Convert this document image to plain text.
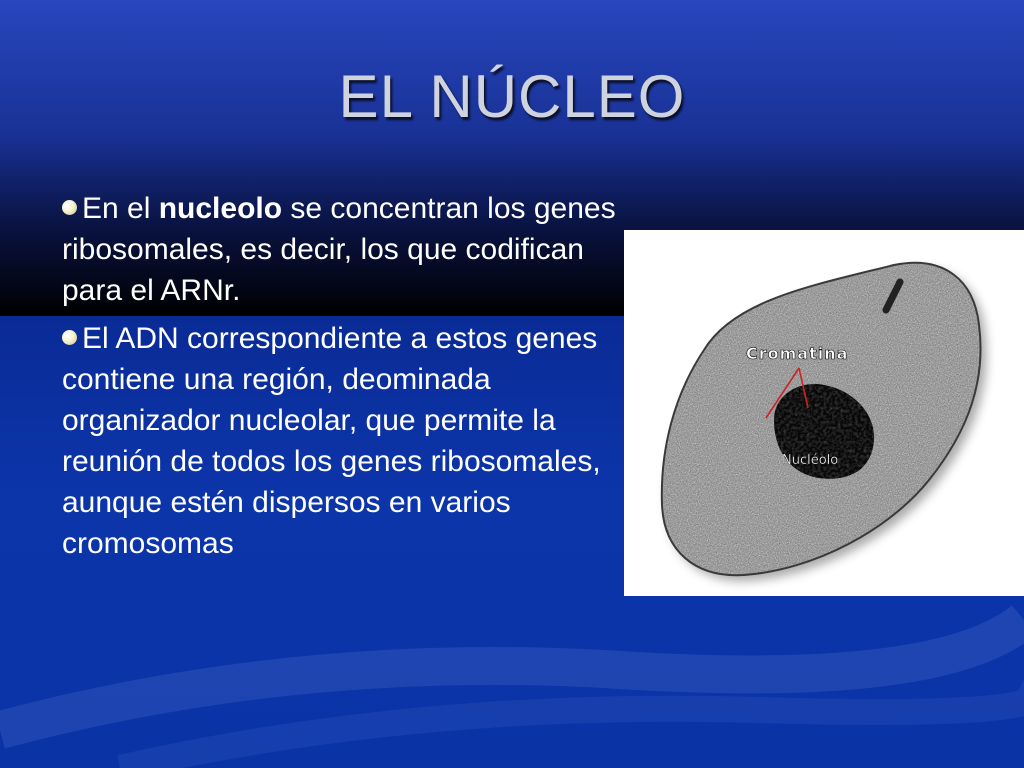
EL NÚCLEO
En el nucleolo se concentran los genes ribosomales, es decir, los que codifican para el ARNr.
El ADN correspondiente a estos genes contiene una región, deominada organizador nucleolar, que permite la reunión de todos los genes ribosomales, aunque estén dispersos en varios cromosomas
Cromatina
Nucléolo
